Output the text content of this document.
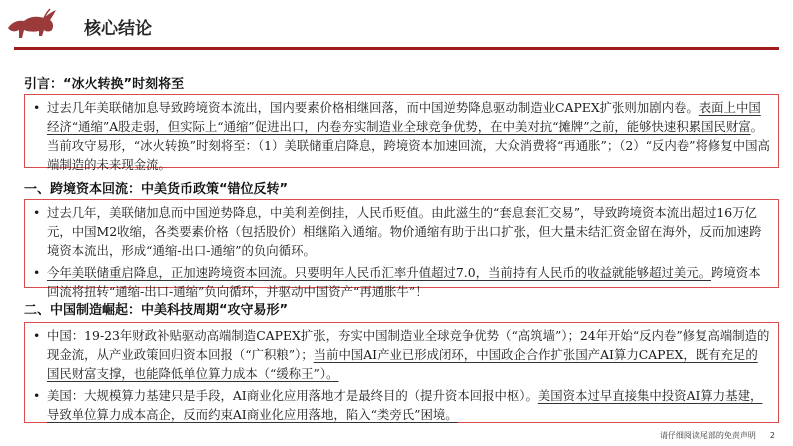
核心结论
引言：“冰火转换”时刻将至

• 过去几年美联储加息导致跨境资本流出，国内要素价格相继回落，而中国逆势降息驱动制造业CAPEX扩张则加剧内卷。表面上中国经济“通缩”A股走弱，但实际上“通缩”促进出口，内卷夯实制造业全球竞争优势，在中美对抗“摊牌”之前，能够快速积累国民财富。当前攻守易形，“冰火转换”时刻将至：（1）美联储重启降息，跨境资本加速回流，大众消费将“再通胀”；（2）“反内卷”将修复中国高端制造的未来现金流。

一、跨境资本回流：中美货币政策“错位反转”

• 过去几年，美联储加息而中国逆势降息，中美利差倒挂，人民币贬值。由此滋生的“套息套汇交易”，导致跨境资本流出超过16万亿元，中国M2收缩，各类要素价格（包括股价）相继陷入通缩。物价通缩有助于出口扩张，但大量未结汇资金留在海外，反而加速跨境资本流出，形成“通缩-出口-通缩”的负向循环。

• 今年美联储重启降息，正加速跨境资本回流。只要明年人民币汇率升值超过7.0，当前持有人民币的收益就能够超过美元。跨境资本回流将扭转“通缩-出口-通缩”负向循环，并驱动中国资产“再通胀牛”！

二、中国制造崛起：中美科技周期“攻守易形”

• 中国：19-23年财政补贴驱动高端制造CAPEX扩张，夯实中国制造业全球竞争优势（“高筑墙”）；24年开始“反内卷”修复高端制造的现金流，从产业政策回归资本回报（“广积粮”）；当前中国AI产业已形成闭环，中国政企合作扩张国产AI算力CAPEX，既有充足的国民财富支撑，也能降低单位算力成本（“缓称王”）。

• 美国：大规模算力基建只是手段，AI商业化应用落地才是最终目的（提升资本回报中枢）。美国资本过早直接集中投资AI算力基建，导致单位算力成本高企，反而约束AI商业化应用落地，陷入“类旁氏”困境。

请仔细阅读尾部的免责声明 2
